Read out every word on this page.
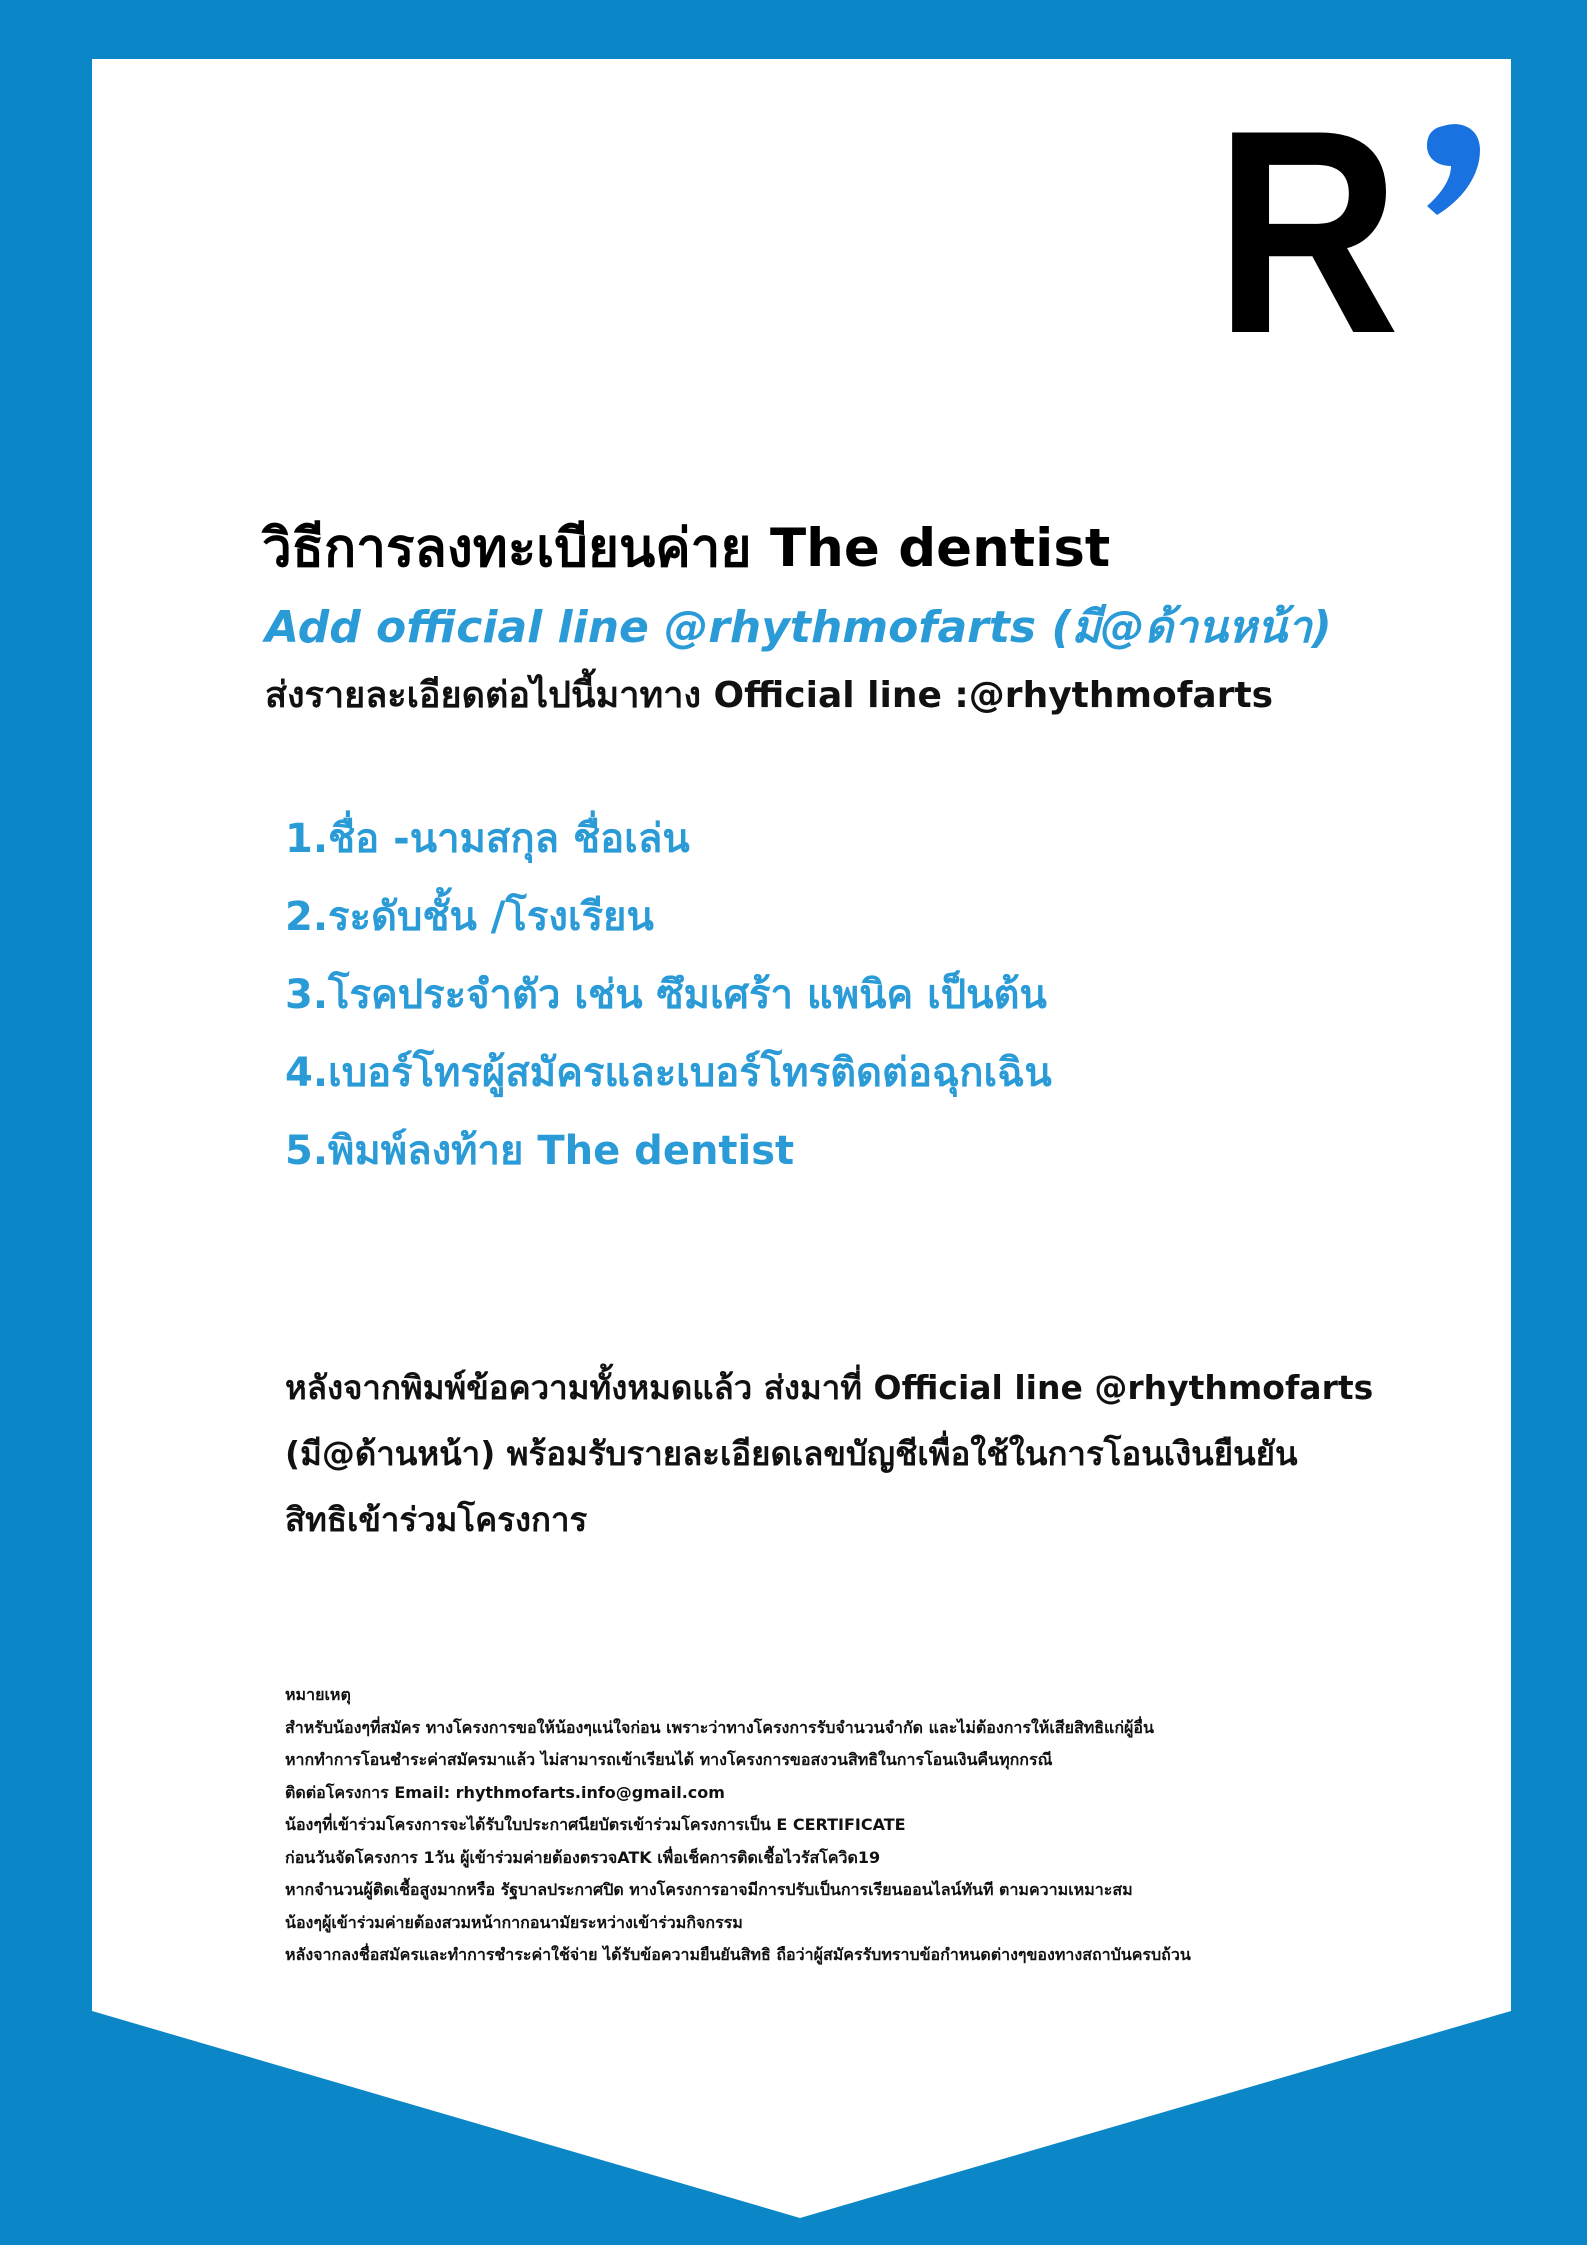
R
วิธีการลงทะเบียนค่าย The dentist
Add official line @rhythmofarts (มี@ด้านหน้า)
ส่งรายละเอียดต่อไปนี้มาทาง Official line :@rhythmofarts
1.ชื่อ -นามสกุล ชื่อเล่น
2.ระดับชั้น /โรงเรียน
3.โรคประจำตัว เช่น ซึมเศร้า แพนิค เป็นต้น
4.เบอร์โทรผู้สมัครและเบอร์โทรติดต่อฉุกเฉิน
5.พิมพ์ลงท้าย The dentist
หลังจากพิมพ์ข้อความทั้งหมดแล้ว ส่งมาที่ Official line @rhythmofarts
(มี@ด้านหน้า) พร้อมรับรายละเอียดเลขบัญชีเพื่อใช้ในการโอนเงินยืนยัน
สิทธิเข้าร่วมโครงการ
หมายเหตุ
สำหรับน้องๆที่สมัคร ทางโครงการขอให้น้องๆแน่ใจก่อน เพราะว่าทางโครงการรับจำนวนจำกัด และไม่ต้องการให้เสียสิทธิแก่ผู้อื่น
หากทำการโอนชำระค่าสมัครมาแล้ว ไม่สามารถเข้าเรียนได้ ทางโครงการขอสงวนสิทธิในการโอนเงินคืนทุกกรณี
ติดต่อโครงการ Email: rhythmofarts.info@gmail.com
น้องๆที่เข้าร่วมโครงการจะได้รับใบประกาศนียบัตรเข้าร่วมโครงการเป็น E CERTIFICATE
ก่อนวันจัดโครงการ 1วัน ผู้เข้าร่วมค่ายต้องตรวจATK เพื่อเช็คการติดเชื้อไวรัสโควิด19
หากจำนวนผู้ติดเชื้อสูงมากหรือ รัฐบาลประกาศปิด ทางโครงการอาจมีการปรับเป็นการเรียนออนไลน์ทันที ตามความเหมาะสม
น้องๆผู้เข้าร่วมค่ายต้องสวมหน้ากากอนามัยระหว่างเข้าร่วมกิจกรรม
หลังจากลงชื่อสมัครและทำการชำระค่าใช้จ่าย ได้รับข้อความยืนยันสิทธิ ถือว่าผู้สมัครรับทราบข้อกำหนดต่างๆของทางสถาบันครบถ้วน
